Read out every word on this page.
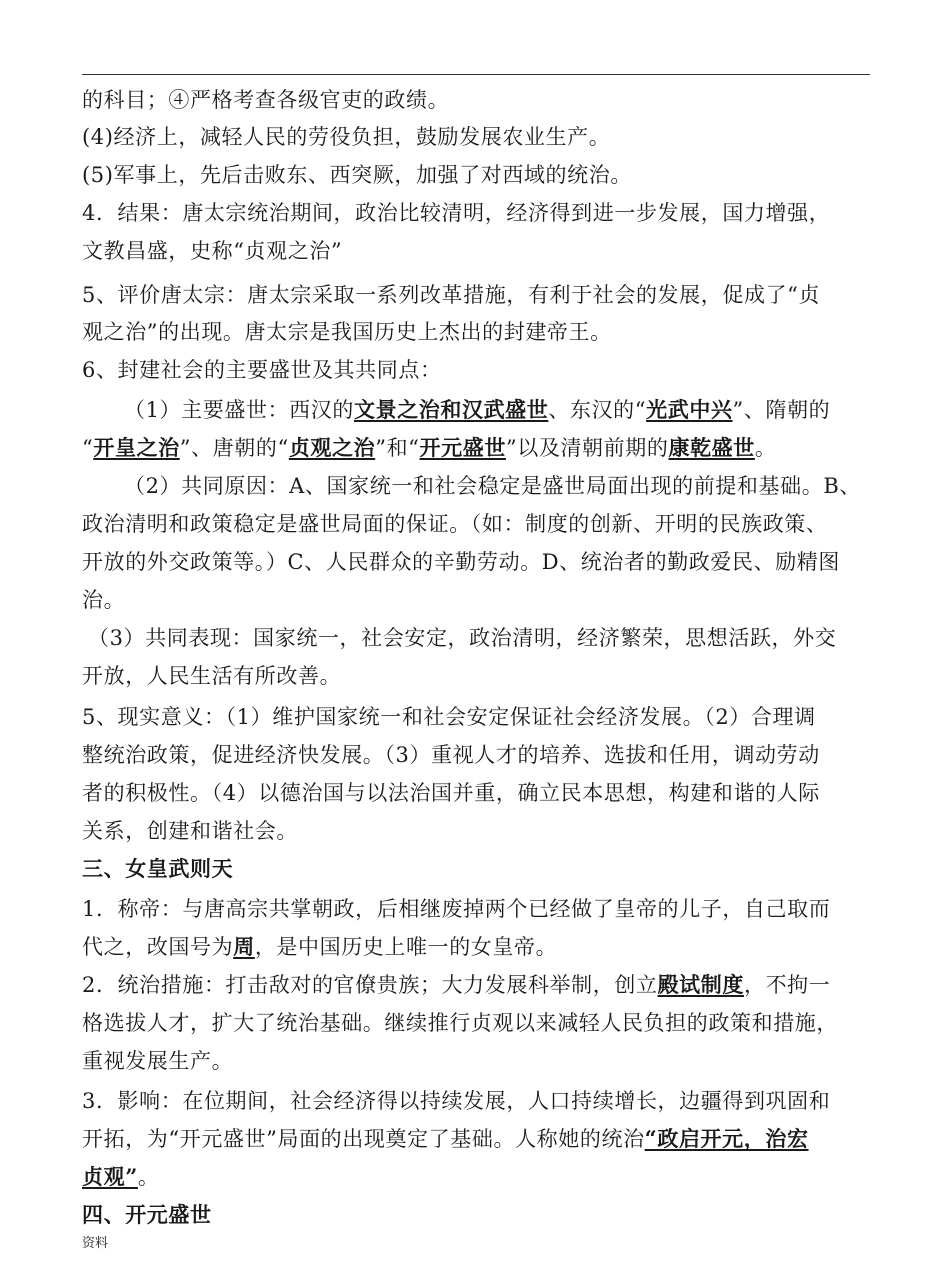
的科目；④严格考查各级官吏的政绩。
(4)经济上，减轻人民的劳役负担，鼓励发展农业生产。
(5)军事上，先后击败东、西突厥，加强了对西域的统治。
4．结果：唐太宗统治期间，政治比较清明，经济得到进一步发展，国力增强，
文教昌盛，史称“贞观之治”
5、评价唐太宗：唐太宗采取一系列改革措施，有利于社会的发展，促成了“贞
观之治”的出现。唐太宗是我国历史上杰出的封建帝王。
6、封建社会的主要盛世及其共同点：
（1）主要盛世：西汉的文景之治和汉武盛世、东汉的“光武中兴”、隋朝的
“开皇之治”、唐朝的“贞观之治”和“开元盛世”以及清朝前期的康乾盛世。
（2）共同原因：A、国家统一和社会稳定是盛世局面出现的前提和基础。B、
政治清明和政策稳定是盛世局面的保证。（如：制度的创新、开明的民族政策、
开放的外交政策等。）C、人民群众的辛勤劳动。D、统治者的勤政爱民、励精图
治。
（3）共同表现：国家统一，社会安定，政治清明，经济繁荣，思想活跃，外交
开放，人民生活有所改善。
5、现实意义：（1）维护国家统一和社会安定保证社会经济发展。（2）合理调
整统治政策，促进经济快发展。（3）重视人才的培养、选拔和任用，调动劳动
者的积极性。（4）以德治国与以法治国并重，确立民本思想，构建和谐的人际
关系，创建和谐社会。
三、女皇武则天
1．称帝：与唐高宗共掌朝政，后相继废掉两个已经做了皇帝的儿子，自己取而
代之，改国号为周，是中国历史上唯一的女皇帝。
2．统治措施：打击敌对的官僚贵族；大力发展科举制，创立殿试制度，不拘一
格选拔人才，扩大了统治基础。继续推行贞观以来减轻人民负担的政策和措施，
重视发展生产。
3．影响：在位期间，社会经济得以持续发展，人口持续增长，边疆得到巩固和
开拓，为“开元盛世”局面的出现奠定了基础。人称她的统治“政启开元，治宏
贞观”。
四、开元盛世
资料
